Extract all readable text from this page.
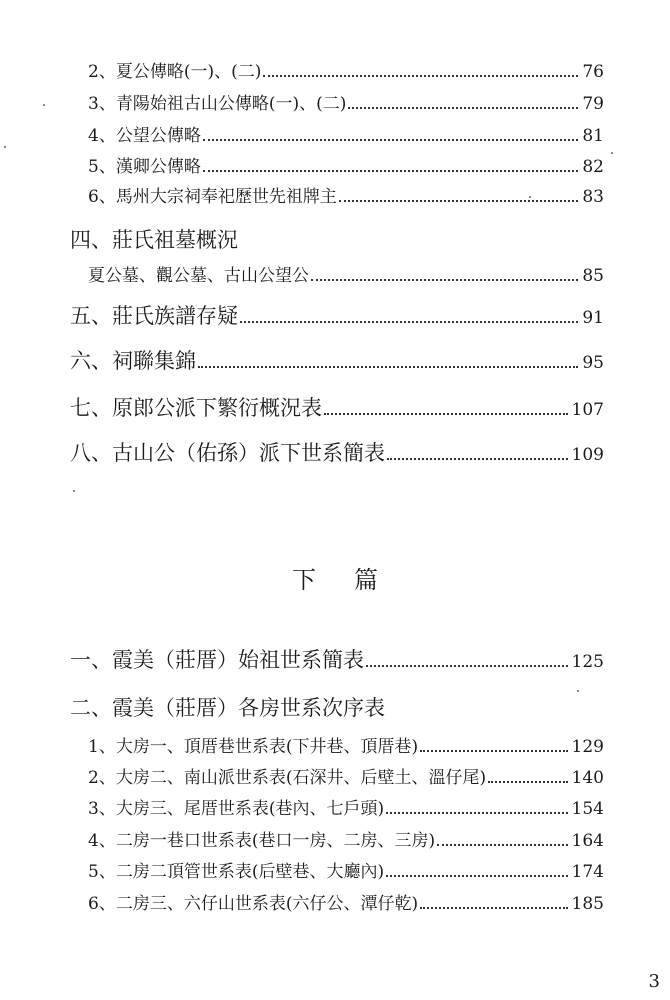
2、 夏公傳略(一)、(二)	76
3、 青陽始祖古山公傳略(一)、(二)	79
4、 公望公傳略	81
5、 漢卿公傳略	82
6、 馬州大宗祠奉祀歷世先祖牌主	83
四、 莊氏祖墓概況
夏公墓、觀公墓、古山公望公	85
五、 莊氏族譜存疑	91
六、 祠聯集錦	95
七、 原郎公派下繁衍概況表	107
八、 古山公（佑孫）派下世系簡表	109
下篇
一、 霞美（莊厝）始祖世系簡表	125
二、 霞美（莊厝）各房世系次序表
1、 大房一、頂厝巷世系表(下井巷、頂厝巷)	129
2、 大房二、南山派世系表(石深井、后壁土、溫仔尾)	140
3、 大房三、尾厝世系表(巷內、七戶頭)	154
4、 二房一巷口世系表(巷口一房、二房、三房)	164
5、 二房二頂管世系表(后壁巷、大廳內)	174
6、 二房三、六仔山世系表(六仔公、潭仔乾)	185
3
